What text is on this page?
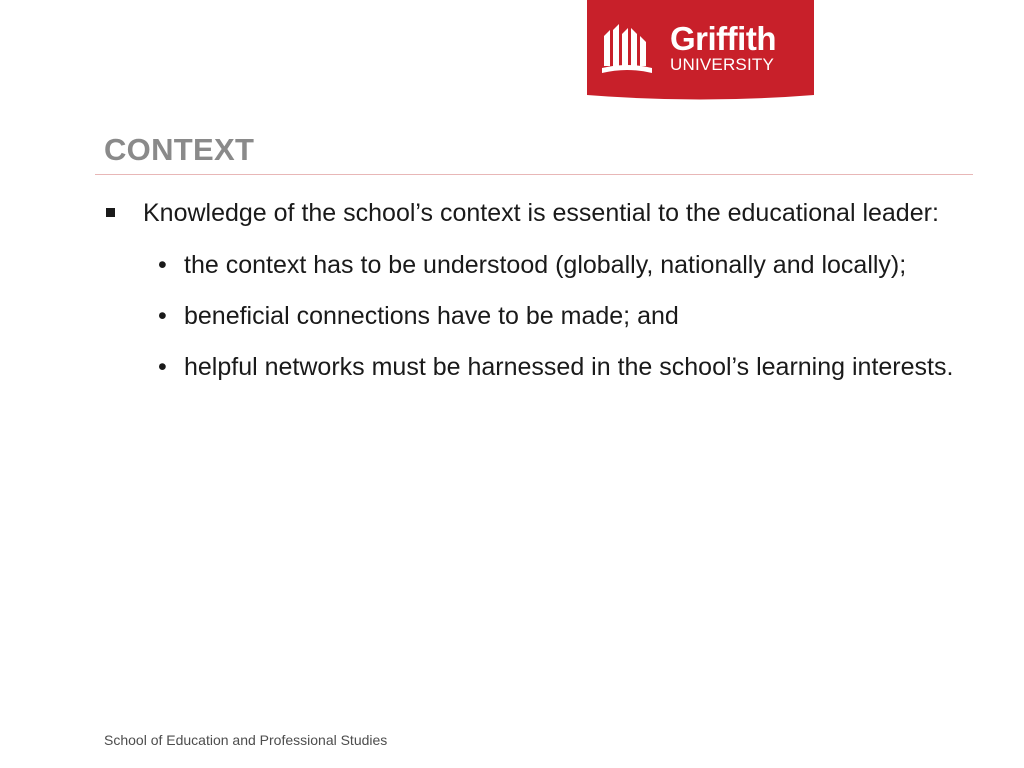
Griffith
UNIVERSITY
CONTEXT
Knowledge of the school’s context is essential to the educational leader:
• the context has to be understood (globally, nationally and locally);
• beneficial connections have to be made; and
• helpful networks must be harnessed in the school’s learning interests.
School of Education and Professional Studies
